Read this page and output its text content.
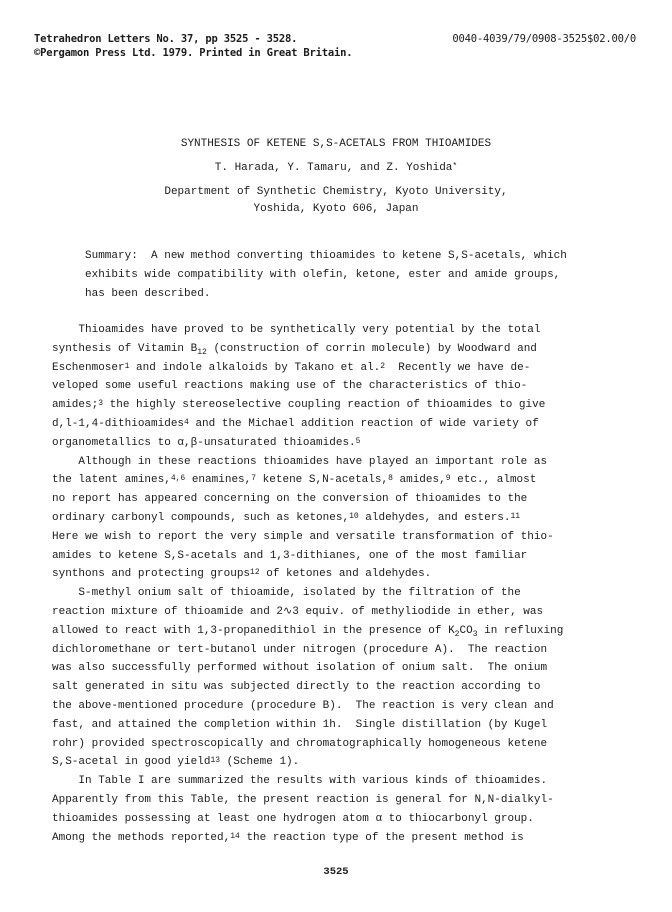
Tetrahedron Letters No. 37, pp 3525 - 3528.
©Pergamon Press Ltd. 1979. Printed in Great Britain.
0040-4039/79/0908-3525$02.00/0
SYNTHESIS OF KETENE S,S-ACETALS FROM THIOAMIDES
T. Harada, Y. Tamaru, and Z. Yoshida*
Department of Synthetic Chemistry, Kyoto University,
Yoshida, Kyoto 606, Japan
Summary:  A new method converting thioamides to ketene S,S-acetals, which
exhibits wide compatibility with olefin, ketone, ester and amide groups,
has been described.
Thioamides have proved to be synthetically very potential by the total
synthesis of Vitamin $B_{12}$ (construction of corrin molecule) by Woodward and
Eschenmoser$^1$ and indole alkaloids by Takano et al.$^2$  Recently we have de-
veloped some useful reactions making use of the characteristics of thio-
amides;$^3$ the highly stereoselective coupling reaction of thioamides to give
d,l-1,4-dithioamides$^4$ and the Michael addition reaction of wide variety of
organometallics to α,β-unsaturated thioamides.$^5$
Although in these reactions thioamides have played an important role as
the latent amines,$^{4,6}$ enamines,$^7$ ketene S,N-acetals,$^8$ amides,$^9$ etc., almost
no report has appeared concerning on the conversion of thioamides to the
ordinary carbonyl compounds, such as ketones,$^{10}$ aldehydes, and esters.$^{11}$
Here we wish to report the very simple and versatile transformation of thio-
amides to ketene S,S-acetals and 1,3-dithianes, one of the most familiar
synthons and protecting groups$^{12}$ of ketones and aldehydes.
S-methyl onium salt of thioamide, isolated by the filtration of the
reaction mixture of thioamide and 2∿3 equiv. of methyliodide in ether, was
allowed to react with 1,3-propanedithiol in the presence of $K_2CO_3$ in refluxing
dichloromethane or tert-butanol under nitrogen (procedure A).  The reaction
was also successfully performed without isolation of onium salt.  The onium
salt generated in situ was subjected directly to the reaction according to
the above-mentioned procedure (procedure B).  The reaction is very clean and
fast, and attained the completion within 1h.  Single distillation (by Kugel
rohr) provided spectroscopically and chromatographically homogeneous ketene
S,S-acetal in good yield$^{13}$ (Scheme 1).
In Table I are summarized the results with various kinds of thioamides.
Apparently from this Table, the present reaction is general for N,N-dialkyl-
thioamides possessing at least one hydrogen atom α to thiocarbonyl group.
Among the methods reported,$^{14}$ the reaction type of the present method is
3525
